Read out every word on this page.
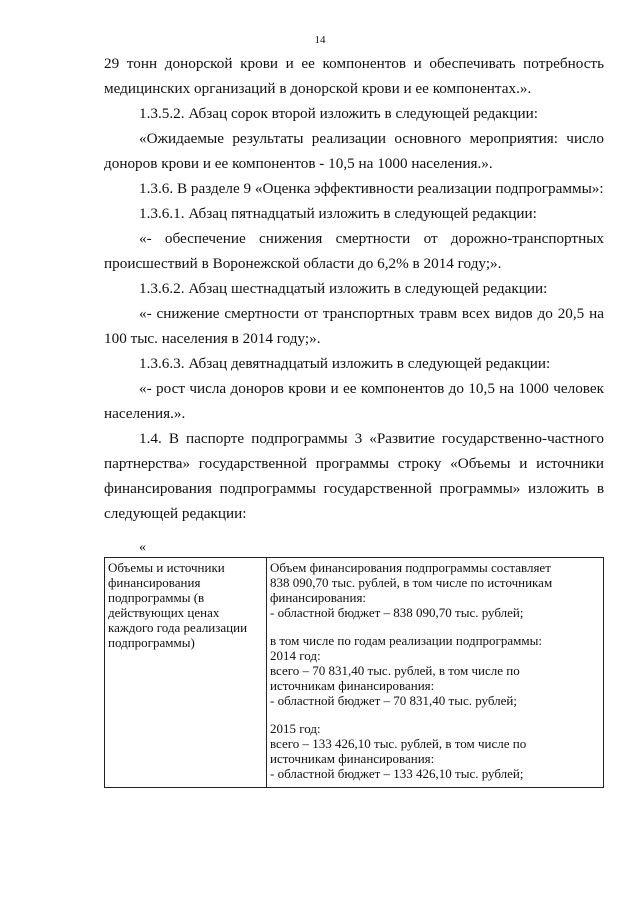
14

29 тонн донорской крови и ее компонентов и обеспечивать потребность медицинских организаций в донорской крови и ее компонентах.».

1.3.5.2. Абзац сорок второй изложить в следующей редакции:

«Ожидаемые результаты реализации основного мероприятия: число доноров крови и ее компонентов - 10,5 на 1000 населения.».

1.3.6. В разделе 9 «Оценка эффективности реализации подпрограммы»:

1.3.6.1. Абзац пятнадцатый изложить в следующей редакции:

«- обеспечение снижения смертности от дорожно-транспортных происшествий в Воронежской области до 6,2% в 2014 году;».

1.3.6.2. Абзац шестнадцатый изложить в следующей редакции:

«- снижение смертности от транспортных травм всех видов до 20,5 на 100 тыс. населения в 2014 году;».

1.3.6.3. Абзац девятнадцатый изложить в следующей редакции:

«- рост числа доноров крови и ее компонентов до 10,5 на 1000 человек населения.».

1.4. В паспорте подпрограммы 3 «Развитие государственно-частного партнерства» государственной программы строку «Объемы и источники финансирования подпрограммы государственной программы» изложить в следующей редакции:

«
Объемы и источники
финансирования
подпрограммы (в
действующих ценах
каждого года реализации
подпрограммы)

Объем финансирования подпрограммы составляет
838 090,70 тыс. рублей, в том числе по источникам
финансирования:
- областной бюджет – 838 090,70 тыс. рублей;
в том числе по годам реализации подпрограммы:
2014 год:
всего – 70 831,40 тыс. рублей, в том числе по
источникам финансирования:
- областной бюджет – 70 831,40 тыс. рублей;
2015 год:
всего – 133 426,10 тыс. рублей, в том числе по
источникам финансирования:
- областной бюджет – 133 426,10 тыс. рублей;
